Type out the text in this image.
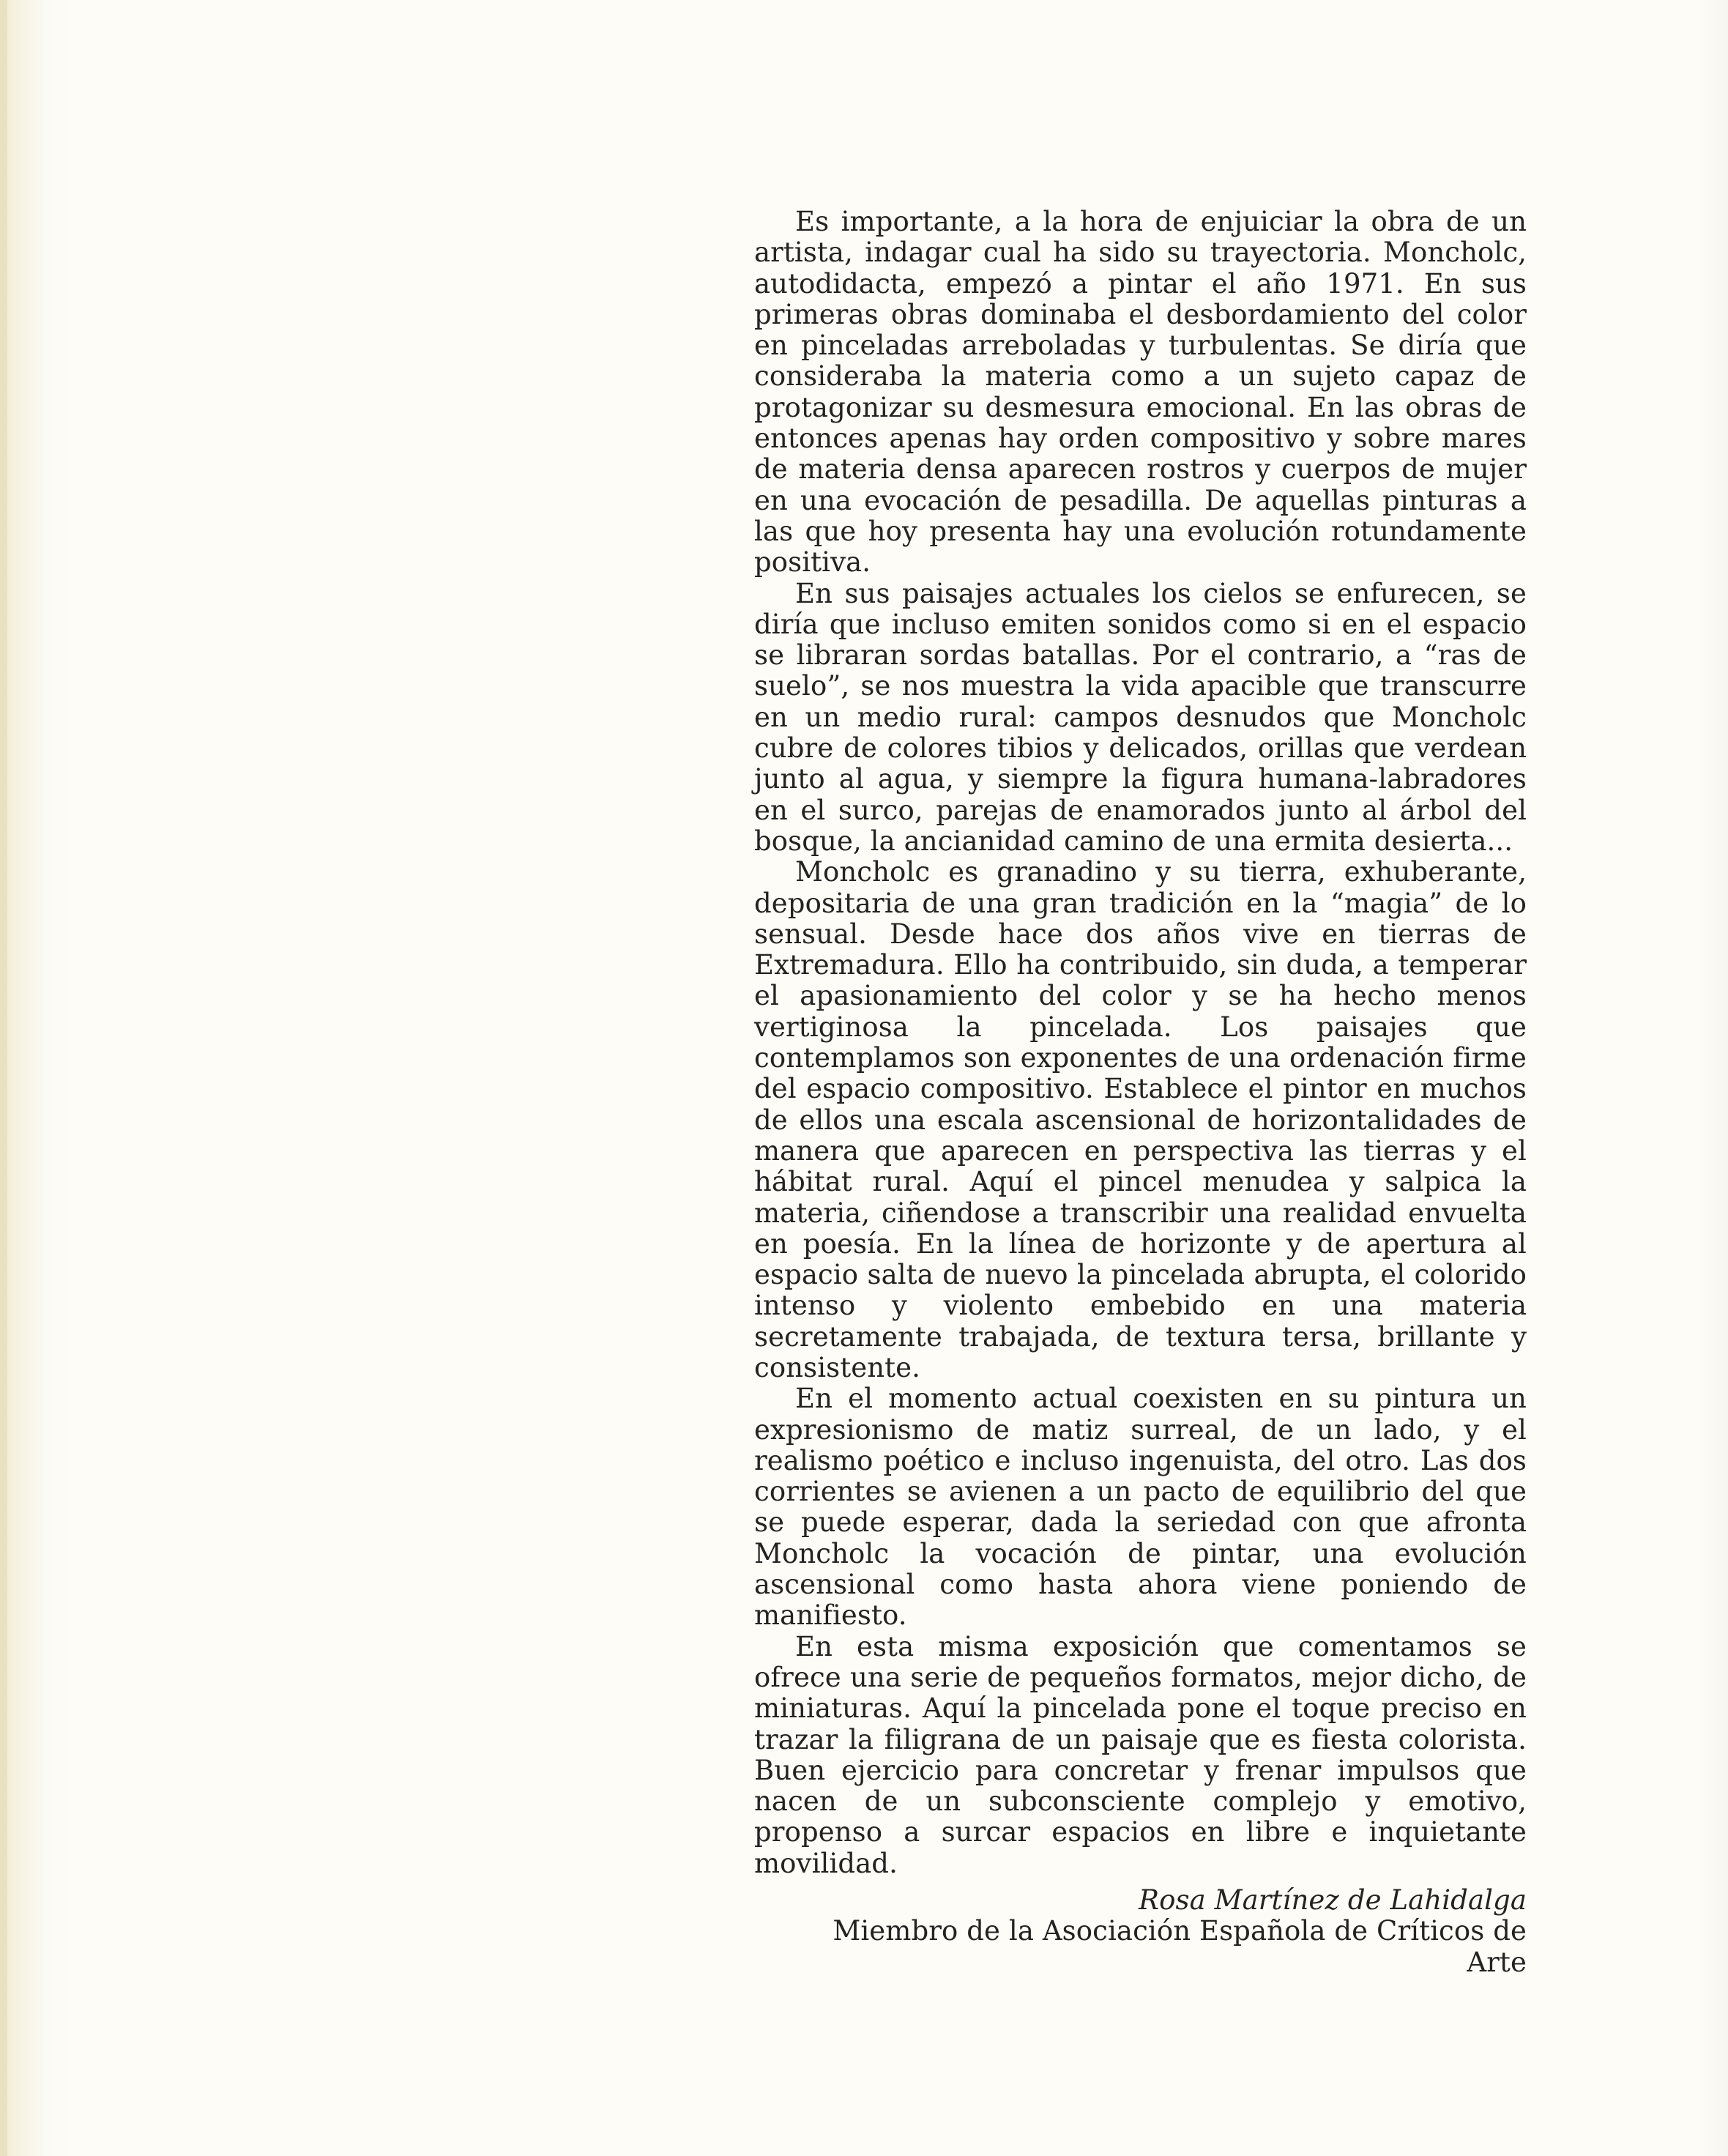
Es importante, a la hora de enjuiciar la obra de un artista, indagar cual ha sido su trayectoria. Moncholc, autodidacta, empezó a pintar el año 1971. En sus primeras obras dominaba el desbordamiento del color en pinceladas arreboladas y turbulentas. Se diría que consideraba la materia como a un sujeto capaz de protagonizar su desmesura emocional. En las obras de entonces apenas hay orden compositivo y sobre mares de materia densa aparecen rostros y cuerpos de mujer en una evocación de pesadilla. De aquellas pinturas a las que hoy presenta hay una evolución rotundamente positiva.

En sus paisajes actuales los cielos se enfurecen, se diría que incluso emiten sonidos como si en el espacio se libraran sordas batallas. Por el contrario, a “ras de suelo”, se nos muestra la vida apacible que transcurre en un medio rural: campos desnudos que Moncholc cubre de colores tibios y delicados, orillas que verdean junto al agua, y siempre la figura humana-labradores en el surco, parejas de enamorados junto al árbol del bosque, la ancianidad camino de una ermita desierta...

Moncholc es granadino y su tierra, exhuberante, depositaria de una gran tradición en la “magia” de lo sensual. Desde hace dos años vive en tierras de Extremadura. Ello ha contribuido, sin duda, a temperar el apasionamiento del color y se ha hecho menos vertiginosa la pincelada. Los paisajes que contemplamos son exponentes de una ordenación firme del espacio compositivo. Establece el pintor en muchos de ellos una escala ascensional de horizontalidades de manera que aparecen en perspectiva las tierras y el hábitat rural. Aquí el pincel menudea y salpica la materia, ciñendose a transcribir una realidad envuelta en poesía. En la línea de horizonte y de apertura al espacio salta de nuevo la pincelada abrupta, el colorido intenso y violento embebido en una materia secretamente trabajada, de textura tersa, brillante y consistente.

En el momento actual coexisten en su pintura un expresionismo de matiz surreal, de un lado, y el realismo poético e incluso ingenuista, del otro. Las dos corrientes se avienen a un pacto de equilibrio del que se puede esperar, dada la seriedad con que afronta Moncholc la vocación de pintar, una evolución ascensional como hasta ahora viene poniendo de manifiesto.

En esta misma exposición que comentamos se ofrece una serie de pequeños formatos, mejor dicho, de miniaturas. Aquí la pincelada pone el toque preciso en trazar la filigrana de un paisaje que es fiesta colorista. Buen ejercicio para concretar y frenar impulsos que nacen de un subconsciente complejo y emotivo, propenso a surcar espacios en libre e inquietante movilidad.

Rosa Martínez de Lahidalga

Miembro de la Asociación Española de Críticos de Arte
